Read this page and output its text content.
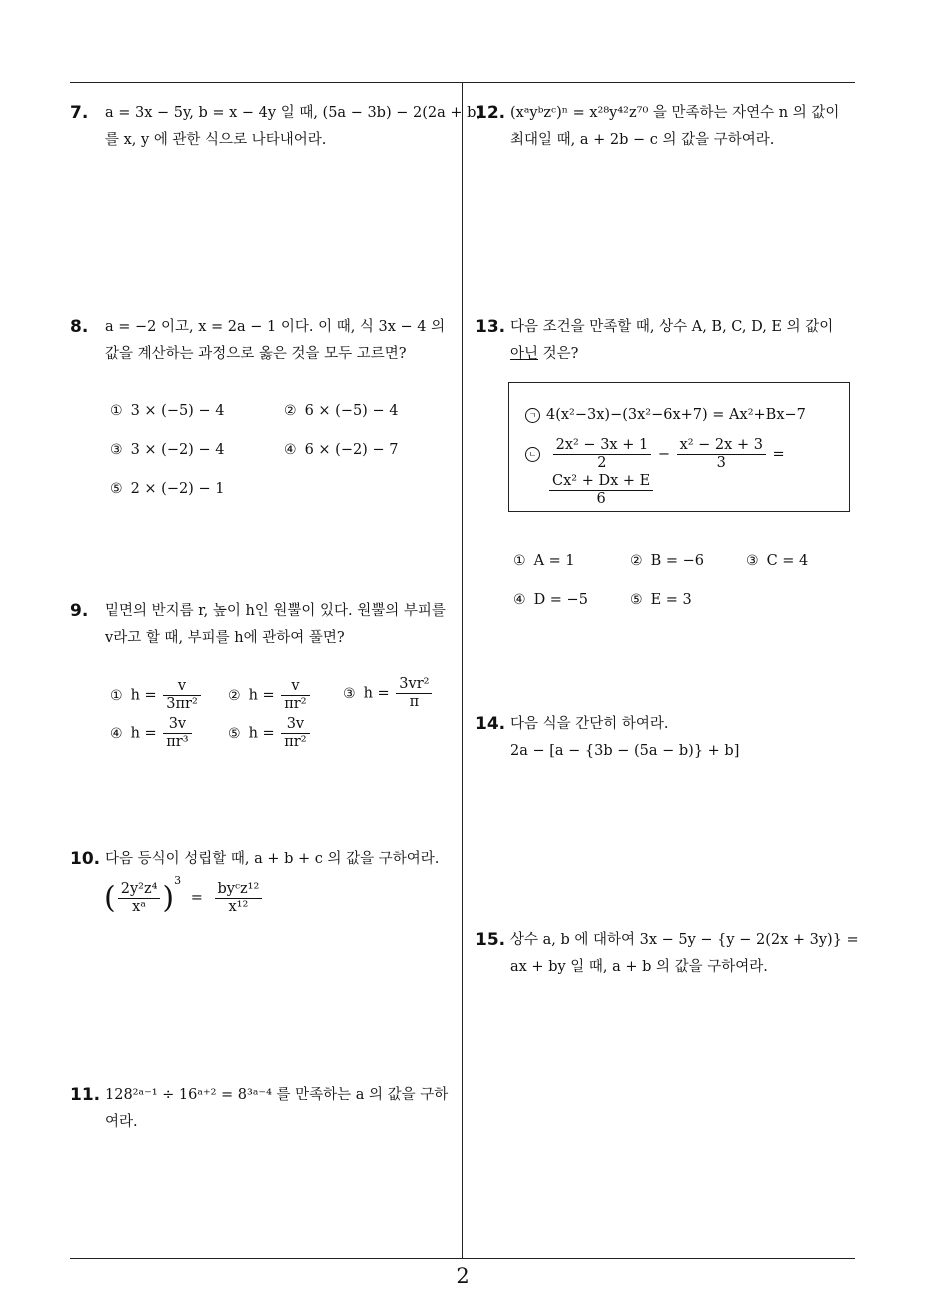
7. a = 3x − 5y, b = x − 4y 일 때, (5a − 3b) − 2(2a + b)
를 x, y 에 관한 식으로 나타내어라.
8. a = −2 이고, x = 2a − 1 이다. 이 때, 식 3x − 4 의
값을 계산하는 과정으로 옳은 것을 모두 고르면?
① 3 × (−5) − 4	② 6 × (−5) − 4
③ 3 × (−2) − 4	④ 6 × (−2) − 7
⑤ 2 × (−2) − 1
9. 밑면의 반지름 r, 높이 h인 원뿔이 있다. 원뿔의 부피를
v라고 할 때, 부피를 h에 관하여 풀면?
① $h = \frac{v}{\text{3πr²}}$ ② $h = \frac{v}{\text{πr²}}$ ③ $h = \frac{\text{3vr²}}{\pi}$
④ $h = \frac{3v}{\text{πr³}}$	⑤ $h = \frac{3v}{\text{πr²}}$
10. 다음 등식이 성립할 때, a + b + c 의 값을 구하여라.
( $\frac{\text{2y²z⁴}}{\text{xᵃ}} )^3 = \frac{\text{byᶜz¹²}}{\text{x¹²}}$
11. 128²ᵃ⁻¹ ÷ 16ᵃ⁺² = 8³ᵃ⁻⁴ 를 만족하는 a 의 값을 구하
여라.
12. (xᵃyᵇzᶜ)ⁿ = x²⁸y⁴²z⁷⁰ 을 만족하는 자연수 n 의 값이
최대일 때, a + 2b − c 의 값을 구하여라.
13. 다음 조건을 만족할 때, 상수 A, B, C, D, E 의 값이
아닌 것은?
ㄱ 4(x²−3x)−(3x²−6x+7) = Ax²+Bx−7
ㄴ $\frac{\text{2x² − 3x + 1}}{2} - \frac{\text{x² − 2x + 3}}{3}$ =
$\frac{\text{Cx² + Dx + E}}{6}$
① A = 1	② B = −6	③ C = 4
④ D = −5	⑤ E = 3
14. 다음 식을 간단히 하여라.
2a − [a − {3b − (5a − b)} + b]
15. 상수 a, b 에 대하여 3x − 5y − {y − 2(2x + 3y)} =
ax + by 일 때, a + b 의 값을 구하여라.
2
